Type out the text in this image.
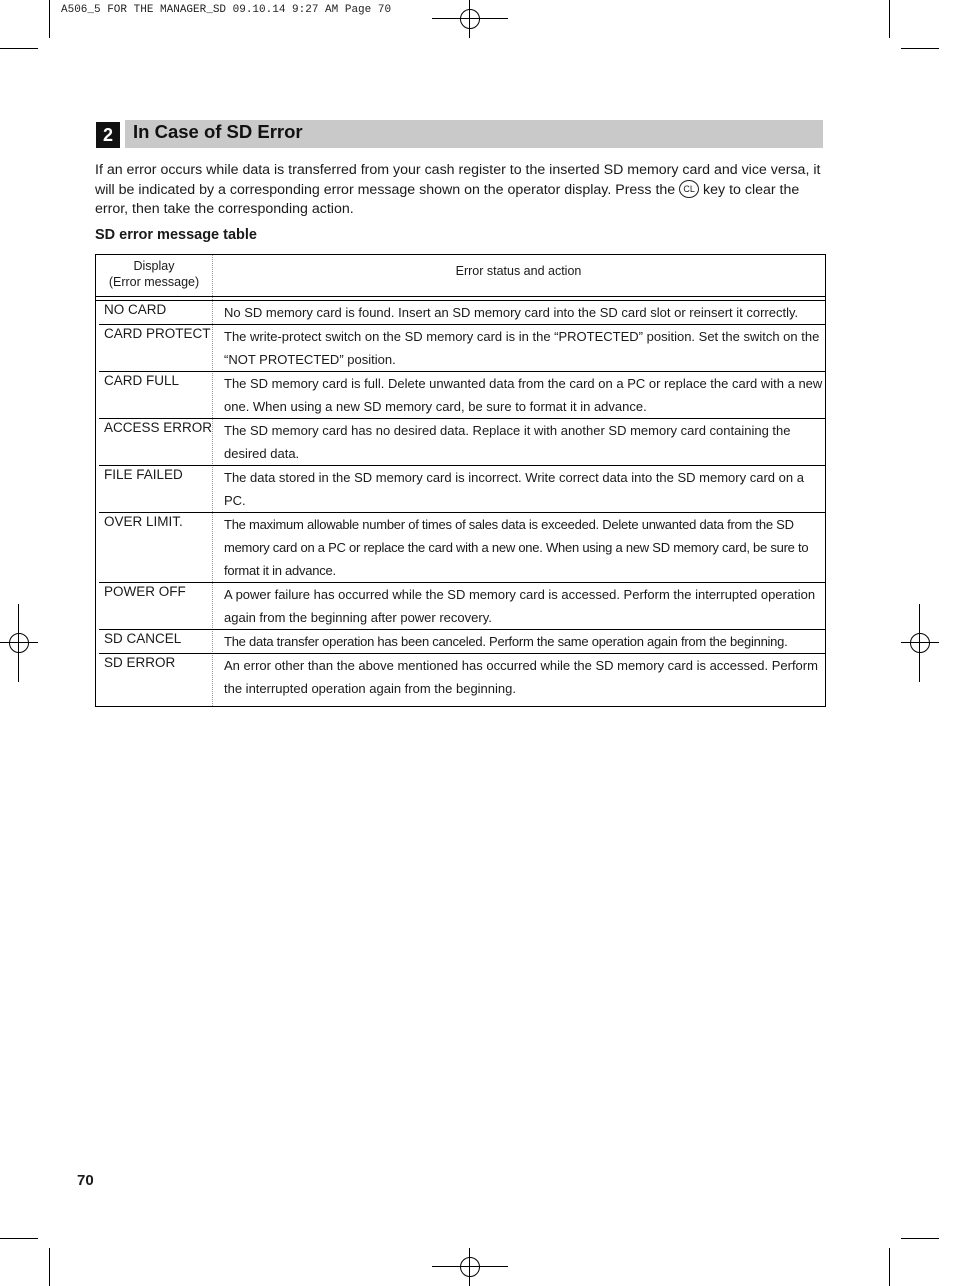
A506_5 FOR THE MANAGER_SD 09.10.14 9:27 AM Page 70
2	In Case of SD Error

If an error occurs while data is transferred from your cash register to the inserted SD memory card and vice versa, it will be indicated by a corresponding error message shown on the operator display. Press the CL key to clear the error, then take the corresponding action.

SD error message table

Display
(Error message)
Error status and action
NO CARD	No SD memory card is found. Insert an SD memory card into the SD card slot or reinsert it correctly.
CARD PROTECT The write-protect switch on the SD memory card is in the “PROTECTED” position. Set the switch on the “NOT PROTECTED” position.
CARD FULL	The SD memory card is full. Delete unwanted data from the card on a PC or replace the card with a new one. When using a new SD memory card, be sure to format it in advance.
ACCESS ERROR The SD memory card has no desired data. Replace it with another SD memory card containing the desired data.
FILE FAILED	The data stored in the SD memory card is incorrect. Write correct data into the SD memory card on a PC.
OVER LIMIT.	The maximum allowable number of times of sales data is exceeded. Delete unwanted data from the SD memory card on a PC or replace the card with a new one. When using a new SD memory card, be sure to format it in advance.
POWER OFF	A power failure has occurred while the SD memory card is accessed. Perform the interrupted operation again from the beginning after power recovery.
SD CANCEL	The data transfer operation has been canceled. Perform the same operation again from the beginning.
SD ERROR	An error other than the above mentioned has occurred while the SD memory card is accessed. Perform the interrupted operation again from the beginning.
70
